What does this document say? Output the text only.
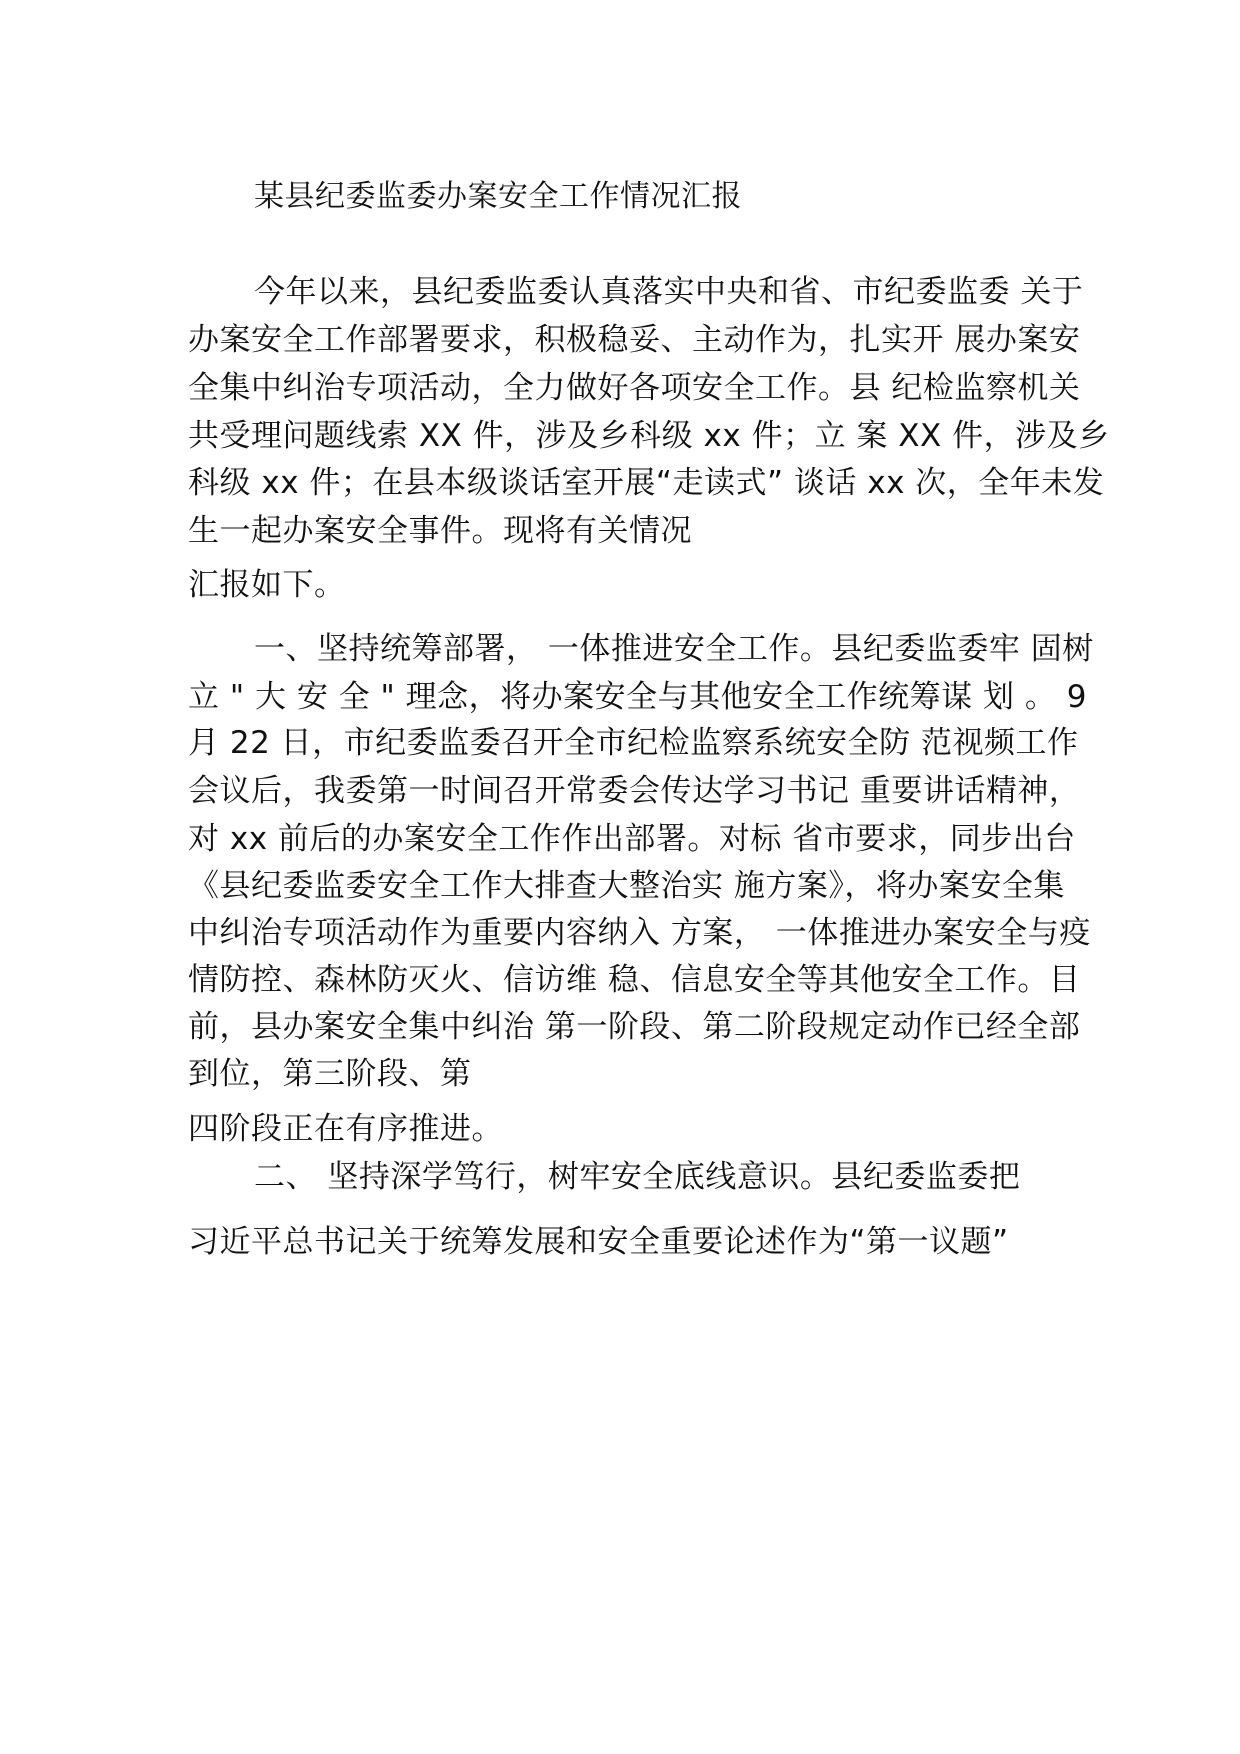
某县纪委监委办案安全工作情况汇报
今年以来，县纪委监委认真落实中央和省、市纪委监委 关于
办案安全工作部署要求，积极稳妥、主动作为，扎实开 展办案安
全集中纠治专项活动，全力做好各项安全工作。县 纪检监察机关
共受理问题线索 XX 件，涉及乡科级 xx 件；立 案 XX 件，涉及乡
科级 xx 件；在县本级谈话室开展“走读式” 谈话 xx 次，全年未发
生一起办案安全事件。现将有关情况
汇报如下。
一、坚持统筹部署， 一体推进安全工作。县纪委监委牢 固树
立 " 大 安 全 " 理念，将办案安全与其他安全工作统筹谋 划 。 9
月 22 日，市纪委监委召开全市纪检监察系统安全防 范视频工作
会议后，我委第一时间召开常委会传达学习书记 重要讲话精神，
对 xx 前后的办案安全工作作出部署。对标 省市要求，同步出台
《县纪委监委安全工作大排查大整治实 施方案》，将办案安全集
中纠治专项活动作为重要内容纳入 方案， 一体推进办案安全与疫
情防控、森林防灭火、信访维 稳、信息安全等其他安全工作。目
前，县办案安全集中纠治 第一阶段、第二阶段规定动作已经全部
到位，第三阶段、第
四阶段正在有序推进。
二、 坚持深学笃行，树牢安全底线意识。县纪委监委把
习近平总书记关于统筹发展和安全重要论述作为“第一议题”
